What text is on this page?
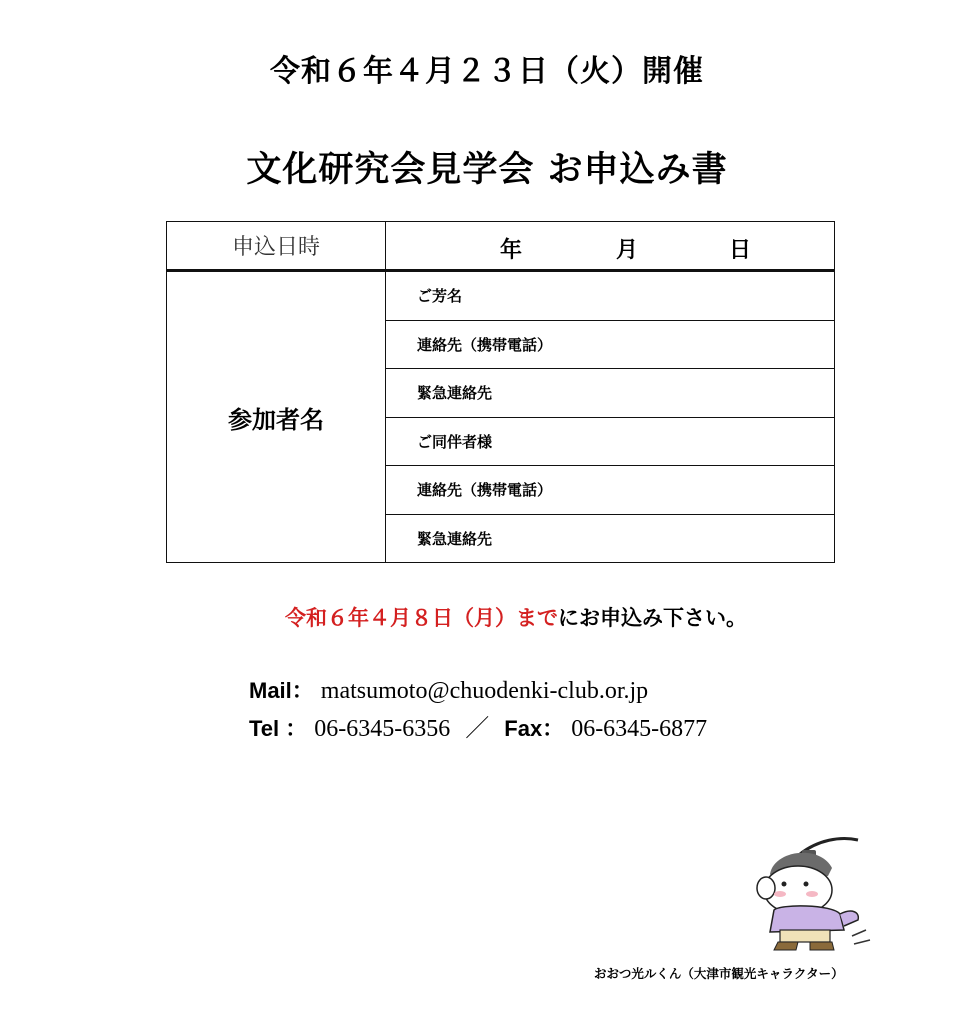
令和６年４月２３日（火）開催
文化研究会見学会 お申込み書
申込日時	年 月 日

参加者名	ご芳名
	連絡先（携帯電話）
	緊急連絡先
	ご同伴者様
	連絡先（携帯電話）
	緊急連絡先
令和６年４月８日（月）までにお申込み下さい。
Mail： matsumoto@chuodenki-club.or.jp
Tel ： 06-6345-6356 ／ Fax： 06-6345-6877
おおつ光ルくん（大津市観光キャラクター）
